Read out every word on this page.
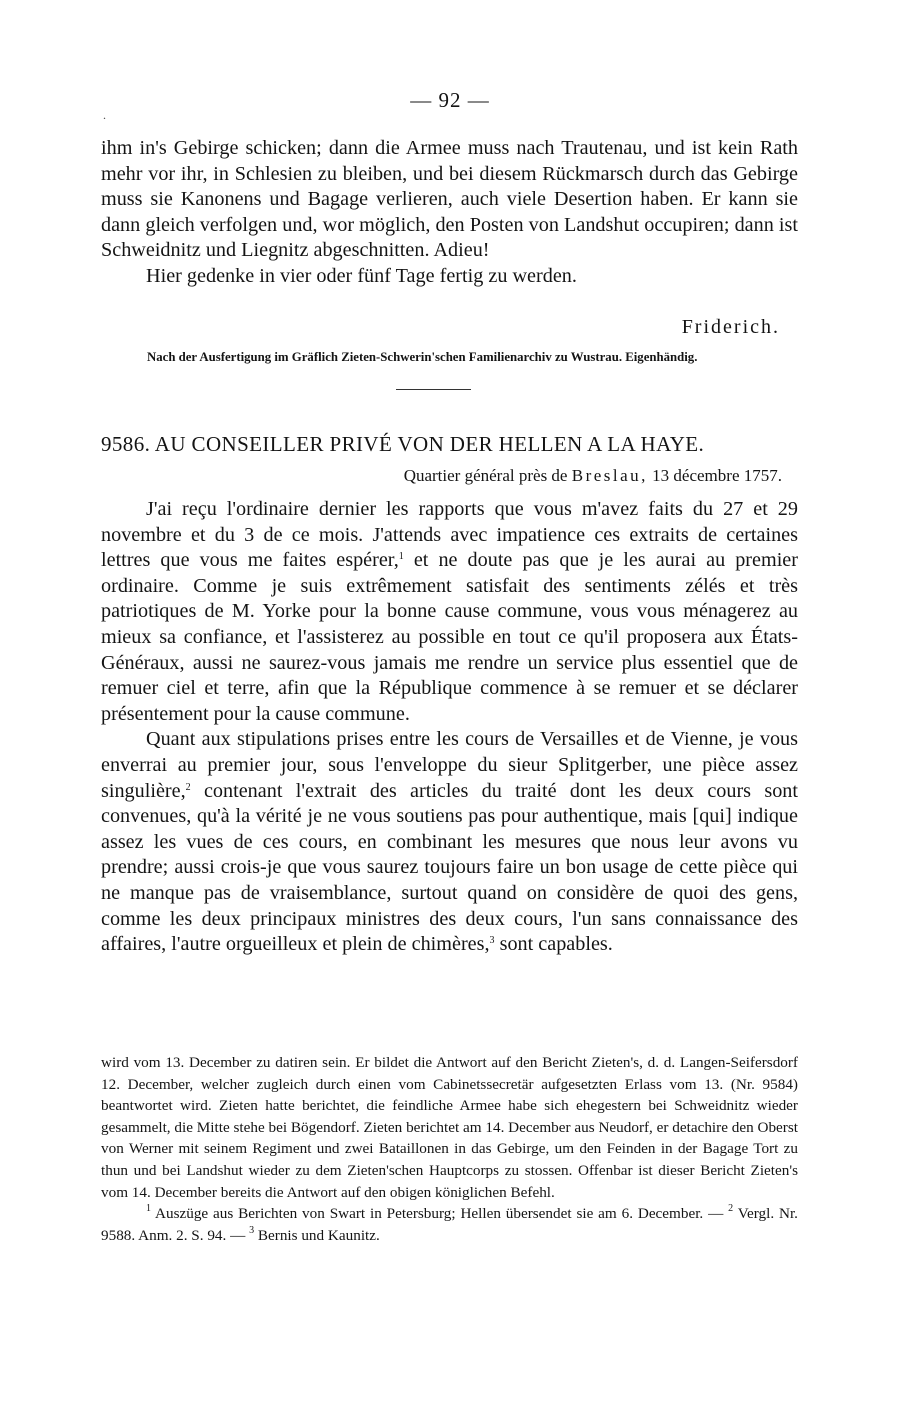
— 92 —
.

ihm in's Gebirge schicken; dann die Armee muss nach Trautenau, und ist kein Rath mehr vor ihr, in Schlesien zu bleiben, und bei diesem Rückmarsch durch das Gebirge muss sie Kanonens und Bagage verlieren, auch viele Desertion haben. Er kann sie dann gleich verfolgen und, wor möglich, den Posten von Landshut occupiren; dann ist Schweidnitz und Liegnitz abgeschnitten. Adieu!

Hier gedenke in vier oder fünf Tage fertig zu werden.

Friderich.
Nach der Ausfertigung im Gräflich Zieten-Schwerin'schen Familienarchiv zu Wustrau. Eigenhändig.
9586. AU CONSEILLER PRIVÉ VON DER HELLEN A LA HAYE.
Quartier général près de Breslau, 13 décembre 1757.

J'ai reçu l'ordinaire dernier les rapports que vous m'avez faits du 27 et 29 novembre et du 3 de ce mois. J'attends avec impatience ces extraits de certaines lettres que vous me faites espérer,$^1$ et ne doute pas que je les aurai au premier ordinaire. Comme je suis extrêmement satisfait des sentiments zélés et très patriotiques de M. Yorke pour la bonne cause commune, vous vous ménagerez au mieux sa confiance, et l'assisterez au possible en tout ce qu'il proposera aux États-Généraux, aussi ne saurez-vous jamais me rendre un service plus essentiel que de remuer ciel et terre, afin que la République commence à se remuer et se déclarer présentement pour la cause commune.

Quant aux stipulations prises entre les cours de Versailles et de Vienne, je vous enverrai au premier jour, sous l'enveloppe du sieur Splitgerber, une pièce assez singulière,$^2$ contenant l'extrait des articles du traité dont les deux cours sont convenues, qu'à la vérité je ne vous soutiens pas pour authentique, mais [qui] indique assez les vues de ces cours, en combinant les mesures que nous leur avons vu prendre; aussi crois-je que vous saurez toujours faire un bon usage de cette pièce qui ne manque pas de vraisemblance, surtout quand on considère de quoi des gens, comme les deux principaux ministres des deux cours, l'un sans connaissance des affaires, l'autre orgueilleux et plein de chimères,$^3$ sont capables.

wird vom 13. December zu datiren sein. Er bildet die Antwort auf den Bericht Zieten's, d. d. Langen-Seifersdorf 12. December, welcher zugleich durch einen vom Cabinetssecretär aufgesetzten Erlass vom 13. (Nr. 9584) beantwortet wird. Zieten hatte berichtet, die feindliche Armee habe sich ehegestern bei Schweidnitz wieder gesammelt, die Mitte stehe bei Bögendorf. Zieten berichtet am 14. December aus Neudorf, er detachire den Oberst von Werner mit seinem Regiment und zwei Bataillonen in das Gebirge, um den Feinden in der Bagage Tort zu thun und bei Landshut wieder zu dem Zieten'schen Hauptcorps zu stossen. Offenbar ist dieser Bericht Zieten's vom 14. December bereits die Antwort auf den obigen königlichen Befehl.

$^1$ Auszüge aus Berichten von Swart in Petersburg; Hellen übersendet sie am 6. December. — $^2$ Vergl. Nr. 9588. Anm. 2. S. 94. — $^3$ Bernis und Kaunitz.
